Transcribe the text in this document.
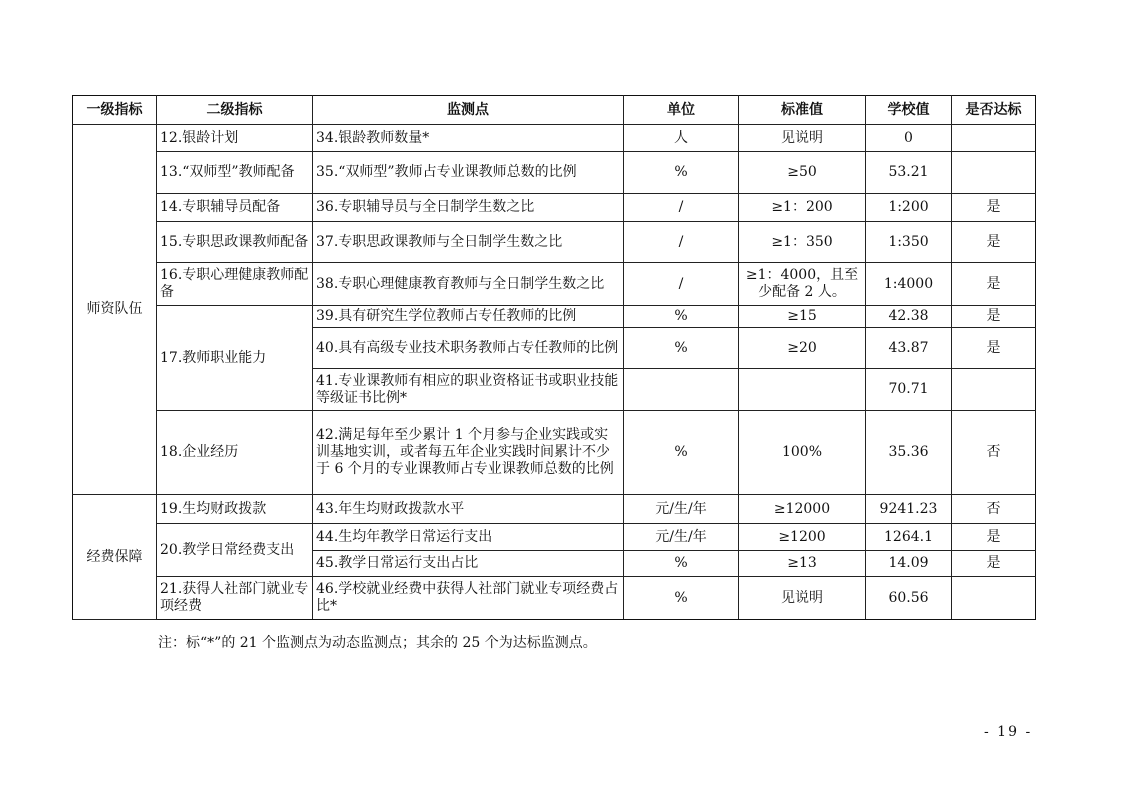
一级指标	二级指标	监测点	单位	标准值	学校值	是否达标
师资队伍	12.银龄计划	34.银龄教师数量*	人	见说明	0	
	13.“双师型”教师配备	35.“双师型”教师占专业课教师总数的比例	%	≥50	53.21	
	14.专职辅导员配备	36.专职辅导员与全日制学生数之比	/	≥1：200	1:200	是
	15.专职思政课教师配备	37.专职思政课教师与全日制学生数之比	/	≥1：350	1:350	是
	16.专职心理健康教师配备	38.专职心理健康教育教师与全日制学生数之比	/	≥1：4000，且至少配备 2 人。	1:4000	是
	17.教师职业能力	39.具有研究生学位教师占专任教师的比例	%	≥15	42.38	是
		40.具有高级专业技术职务教师占专任教师的比例	%	≥20	43.87	是
		41.专业课教师有相应的职业资格证书或职业技能等级证书比例*			70.71	
	18.企业经历	42.满足每年至少累计 1 个月参与企业实践或实训基地实训，或者每五年企业实践时间累计不少于 6 个月的专业课教师占专业课教师总数的比例	%	100%	35.36	否
经费保障	19.生均财政拨款	43.年生均财政拨款水平	元/生/年	≥12000	9241.23	否
	20.教学日常经费支出	44.生均年教学日常运行支出	元/生/年	≥1200	1264.1	是
		45.教学日常运行支出占比	%	≥13	14.09	是
	21.获得人社部门就业专项经费	46.学校就业经费中获得人社部门就业专项经费占比*	%	见说明	60.56	
注：标“*”的 21 个监测点为动态监测点；其余的 25 个为达标监测点。
- 19 -
